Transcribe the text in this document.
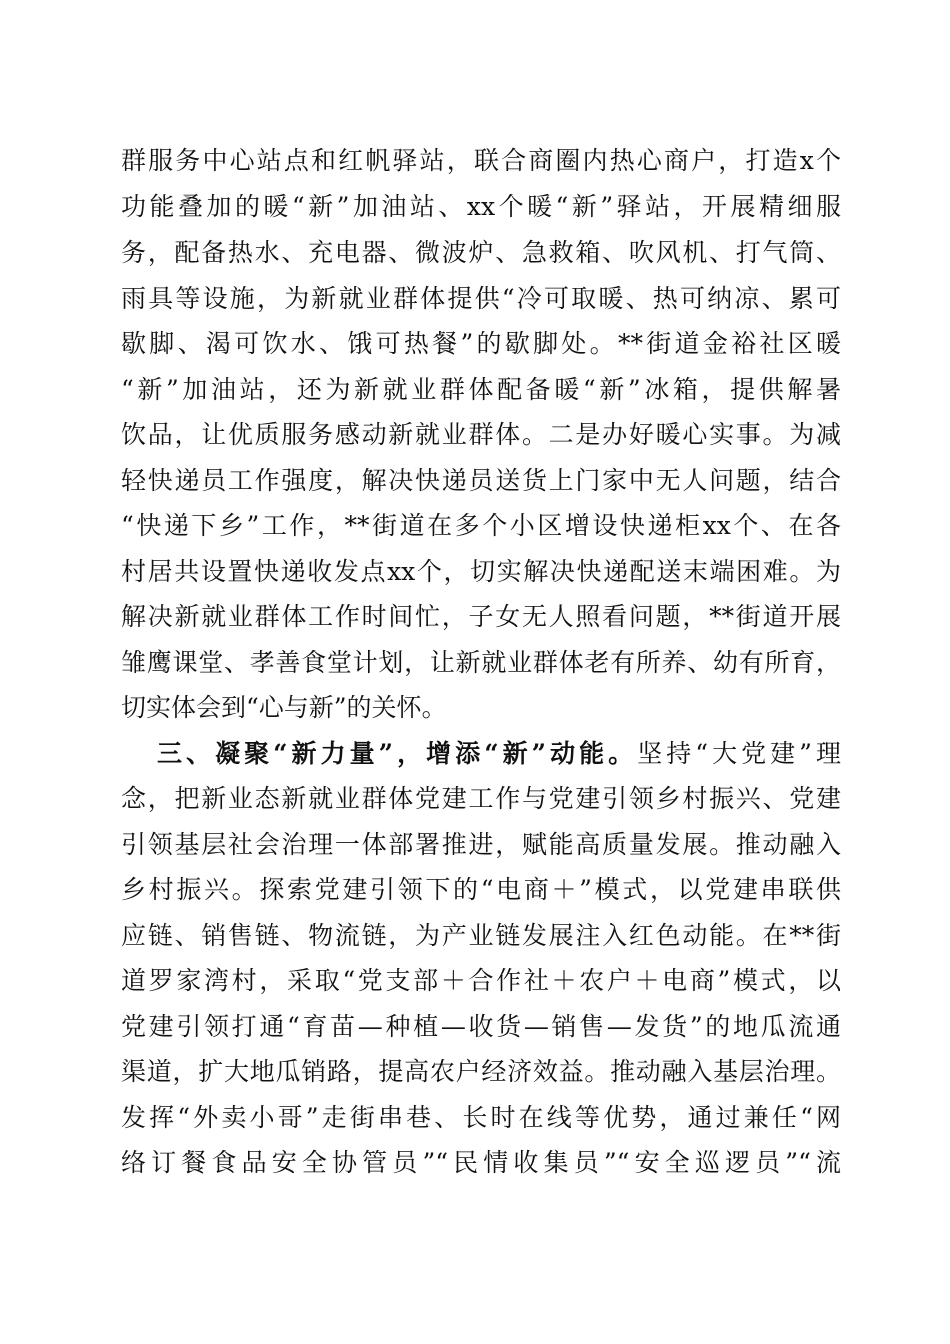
群服务中心站点和红帆驿站，联合商圈内热心商户，打造x个
功能叠加的暖“新”加油站、xx个暖“新”驿站，开展精细服
务，配备热水、充电器、微波炉、急救箱、吹风机、打气筒、
雨具等设施，为新就业群体提供“冷可取暖、热可纳凉、累可
歇脚、渴可饮水、饿可热餐”的歇脚处。**街道金裕社区暖
“新”加油站，还为新就业群体配备暖“新”冰箱，提供解暑
饮品，让优质服务感动新就业群体。二是办好暖心实事。为减
轻快递员工作强度，解决快递员送货上门家中无人问题，结合
“快递下乡”工作，**街道在多个小区增设快递柜xx个、在各
村居共设置快递收发点xx个，切实解决快递配送末端困难。为
解决新就业群体工作时间忙，子女无人照看问题，**街道开展
雏鹰课堂、孝善食堂计划，让新就业群体老有所养、幼有所育，
切实体会到“心与新”的关怀。
三、凝聚“新力量”，增添“新”动能。坚持“大党建”理
念，把新业态新就业群体党建工作与党建引领乡村振兴、党建
引领基层社会治理一体部署推进，赋能高质量发展。推动融入
乡村振兴。探索党建引领下的“电商＋”模式，以党建串联供
应链、销售链、物流链，为产业链发展注入红色动能。在**街
道罗家湾村，采取“党支部＋合作社＋农户＋电商”模式，以
党建引领打通“育苗—种植—收货—销售—发货”的地瓜流通
渠道，扩大地瓜销路，提高农户经济效益。推动融入基层治理。
发挥“外卖小哥”走街串巷、长时在线等优势，通过兼任“网
络订餐食品安全协管员”“民情收集员”“安全巡逻员”“流
